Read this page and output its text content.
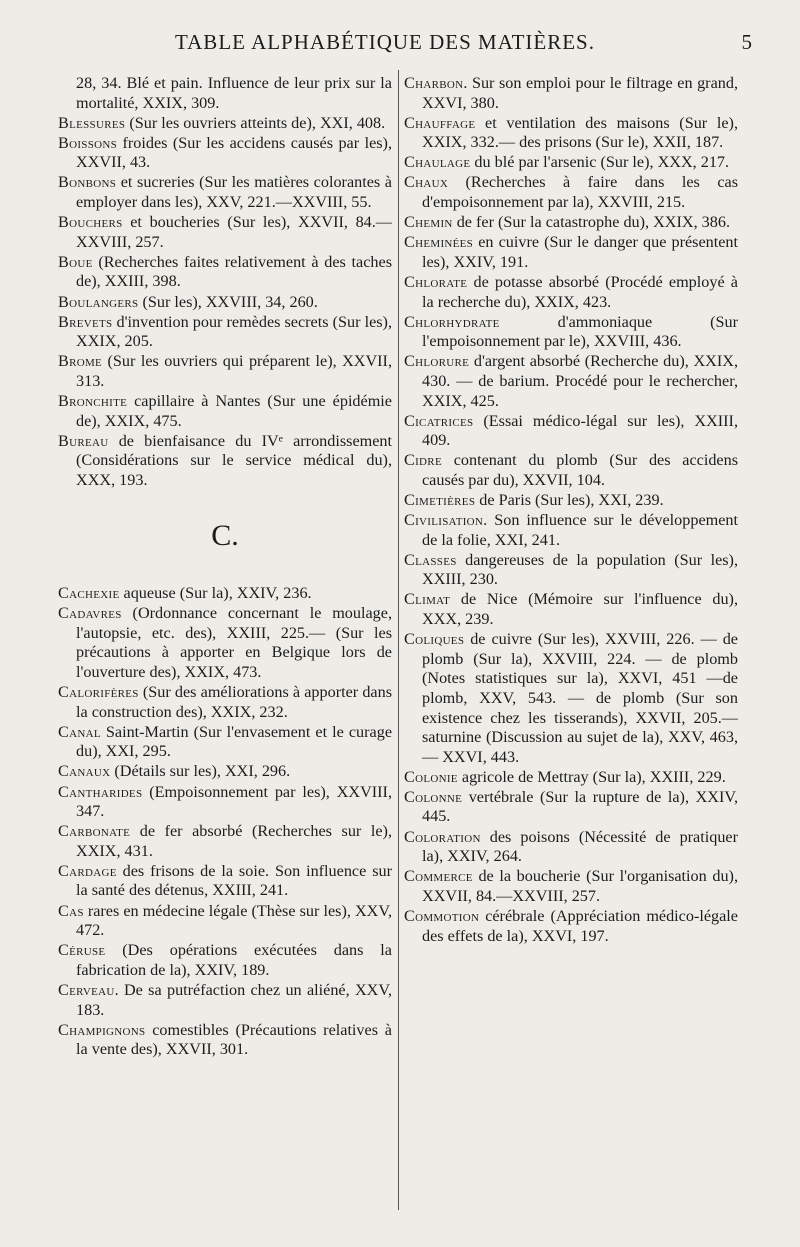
TABLE ALPHABÉTIQUE DES MATIÈRES.	5

28, 34. Blé et pain. Influence de leur prix sur la mortalité, XXIX, 309.

Blessures (Sur les ouvriers atteints de), XXI, 408.

Boissons froides (Sur les accidens causés par les), XXVII, 43.

Bonbons et sucreries (Sur les matières colorantes à employer dans les), XXV, 221.—XXVIII, 55.

Bouchers et boucheries (Sur les), XXVII, 84.—XXVIII, 257.

Boue (Recherches faites relativement à des taches de), XXIII, 398.

Boulangers (Sur les), XXVIII, 34, 260.

Brevets d'invention pour remèdes secrets (Sur les), XXIX, 205.

Brome (Sur les ouvriers qui préparent le), XXVII, 313.

Bronchite capillaire à Nantes (Sur une épidémie de), XXIX, 475.

Bureau de bienfaisance du IVᵉ arrondissement (Considérations sur le service médical du), XXX, 193.

C.

Cachexie aqueuse (Sur la), XXIV, 236.

Cadavres (Ordonnance concernant le moulage, l'autopsie, etc. des), XXIII, 225.— (Sur les précautions à apporter en Belgique lors de l'ouverture des), XXIX, 473.

Calorifères (Sur des améliorations à apporter dans la construction des), XXIX, 232.

Canal Saint-Martin (Sur l'envasement et le curage du), XXI, 295.

Canaux (Détails sur les), XXI, 296.

Cantharides (Empoisonnement par les), XXVIII, 347.

Carbonate de fer absorbé (Recherches sur le), XXIX, 431.

Cardage des frisons de la soie. Son influence sur la santé des détenus, XXIII, 241.

Cas rares en médecine légale (Thèse sur les), XXV, 472.

Céruse (Des opérations exécutées dans la fabrication de la), XXIV, 189.

Cerveau. De sa putréfaction chez un aliéné, XXV, 183.

Champignons comestibles (Précautions relatives à la vente des), XXVII, 301.

Charbon. Sur son emploi pour le filtrage en grand, XXVI, 380.

Chauffage et ventilation des maisons (Sur le), XXIX, 332.— des prisons (Sur le), XXII, 187.

Chaulage du blé par l'arsenic (Sur le), XXX, 217.

Chaux (Recherches à faire dans les cas d'empoisonnement par la), XXVIII, 215.

Chemin de fer (Sur la catastrophe du), XXIX, 386.

Cheminées en cuivre (Sur le danger que présentent les), XXIV, 191.

Chlorate de potasse absorbé (Procédé employé à la recherche du), XXIX, 423.

Chlorhydrate d'ammoniaque (Sur l'empoisonnement par le), XXVIII, 436.

Chlorure d'argent absorbé (Recherche du), XXIX, 430. — de barium. Procédé pour le rechercher, XXIX, 425.

Cicatrices (Essai médico-légal sur les), XXIII, 409.

Cidre contenant du plomb (Sur des accidens causés par du), XXVII, 104.

Cimetières de Paris (Sur les), XXI, 239.

Civilisation. Son influence sur le développement de la folie, XXI, 241.

Classes dangereuses de la population (Sur les), XXIII, 230.

Climat de Nice (Mémoire sur l'influence du), XXX, 239.

Coliques de cuivre (Sur les), XXVIII, 226. — de plomb (Sur la), XXVIII, 224. — de plomb (Notes statistiques sur la), XXVI, 451 —de plomb, XXV, 543. — de plomb (Sur son existence chez les tisserands), XXVII, 205.— saturnine (Discussion au sujet de la), XXV, 463, — XXVI, 443.

Colonie agricole de Mettray (Sur la), XXIII, 229.

Colonne vertébrale (Sur la rupture de la), XXIV, 445.

Coloration des poisons (Nécessité de pratiquer la), XXIV, 264.

Commerce de la boucherie (Sur l'organisation du), XXVII, 84.—XXVIII, 257.

Commotion cérébrale (Appréciation médico-légale des effets de la), XXVI, 197.
